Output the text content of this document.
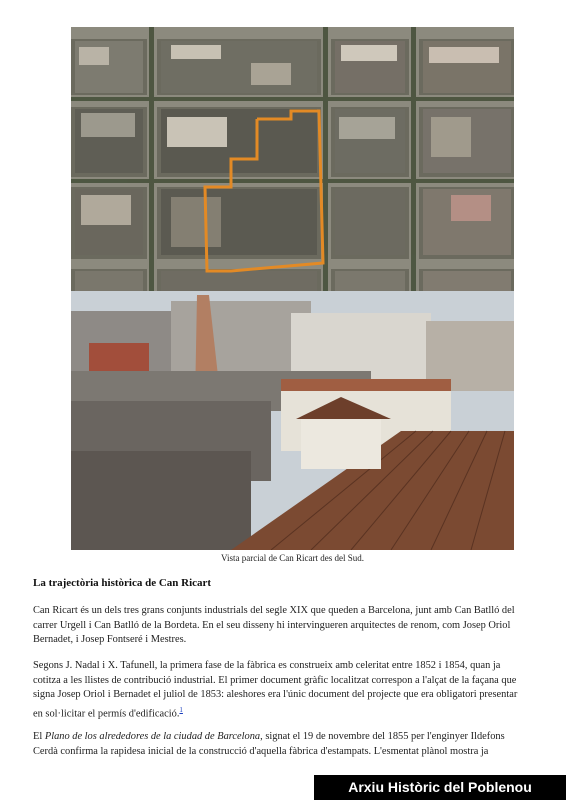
Vista parcial de Can Ricart des del Sud.
La trajectòria històrica de Can Ricart

Can Ricart és un dels tres grans conjunts industrials del segle XIX que queden a Barcelona, junt amb Can Batlló del carrer Urgell i Can Batlló de la Bordeta. En el seu disseny hi intervingueren arquitectes de renom, com Josep Oriol Bernadet, i Josep Fontseré i Mestres.

Segons J. Nadal i X. Tafunell, la primera fase de la fàbrica es construeix amb celeritat entre 1852 i 1854, quan ja cotitza a les llistes de contribució industrial. El primer document gràfic localitzat correspon a l'alçat de la façana que signa Josep Oriol i Bernadet el juliol de 1853: aleshores era l'únic document del projecte que era obligatori presentar en sol·licitar el permís d'edificació.$^1$

El Plano de los alrededores de la ciudad de Barcelona, signat el 19 de novembre del 1855 per l'enginyer Ildefons Cerdà confirma la rapidesa inicial de la construcció d'aquella fàbrica d'estampats. L'esmentat plànol mostra ja

Arxiu Històric del Poblenou
